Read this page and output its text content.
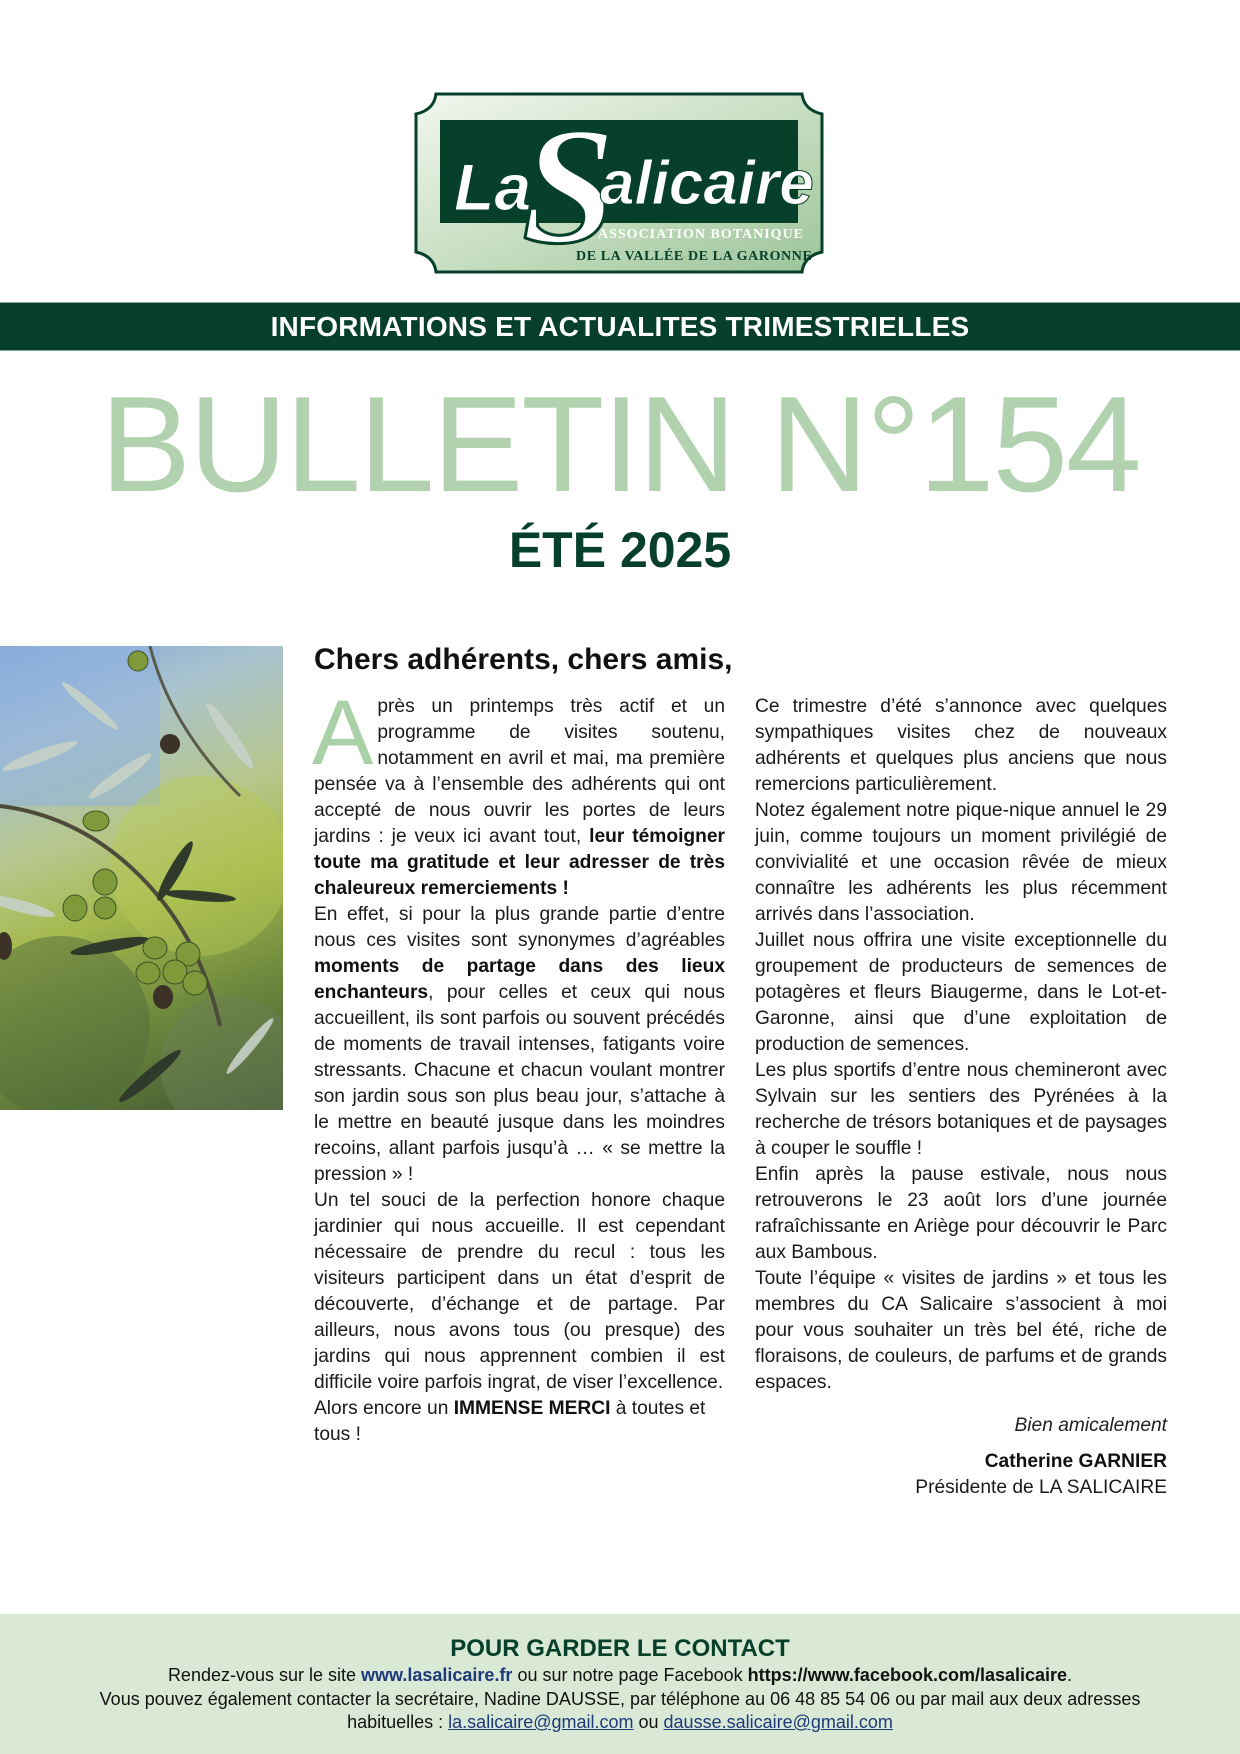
La
S
alicaire
ASSOCIATION BOTANIQUE
DE LA VALLÉE DE LA GARONNE
INFORMATIONS ET ACTUALITES TRIMESTRIELLES
BULLETIN N°154
ÉTÉ 2025
Chers adhérents, chers amis,

Après un printemps très actif et un programme de visites soutenu, notamment en avril et mai, ma première pensée va à l’ensemble des adhérents qui ont accepté de nous ouvrir les portes de leurs jardins : je veux ici avant tout, leur témoigner toute ma gratitude et leur adresser de très chaleureux remerciements !

En effet, si pour la plus grande partie d’entre nous ces visites sont synonymes d’agréables moments de partage dans des lieux enchanteurs, pour celles et ceux qui nous accueillent, ils sont parfois ou souvent précédés de moments de travail intenses, fatigants voire stressants. Chacune et chacun voulant montrer son jardin sous son plus beau jour, s’attache à le mettre en beauté jusque dans les moindres recoins, allant parfois jusqu’à … « se mettre la pression » !

Un tel souci de la perfection honore chaque jardinier qui nous accueille. Il est cependant nécessaire de prendre du recul : tous les visiteurs participent dans un état d’esprit de découverte, d’échange et de partage. Par ailleurs, nous avons tous (ou presque) des jardins qui nous apprennent combien il est difficile voire parfois ingrat, de viser l’excellence.

Alors encore un IMMENSE MERCI à toutes et tous !

Ce trimestre d’été s’annonce avec quelques sympathiques visites chez de nouveaux adhérents et quelques plus anciens que nous remercions particulièrement.

Notez également notre pique-nique annuel le 29 juin, comme toujours un moment privilégié de convivialité et une occasion rêvée de mieux connaître les adhérents les plus récemment arrivés dans l’association.

Juillet nous offrira une visite exceptionnelle du groupement de producteurs de semences de potagères et fleurs Biaugerme, dans le Lot-et-Garonne, ainsi que d’une exploitation de production de semences.

Les plus sportifs d’entre nous chemineront avec Sylvain sur les sentiers des Pyrénées à la recherche de trésors botaniques et de paysages à couper le souffle !

Enfin après la pause estivale, nous nous retrouverons le 23 août lors d’une journée rafraîchissante en Ariège pour découvrir le Parc aux Bambous.

Toute l’équipe « visites de jardins » et tous les membres du CA Salicaire s’associent à moi pour vous souhaiter un très bel été, riche de floraisons, de couleurs, de parfums et de grands espaces.

Bien amicalement
Catherine GARNIER
Présidente de LA SALICAIRE
POUR GARDER LE CONTACT
Rendez-vous sur le site www.lasalicaire.fr ou sur notre page Facebook https://www.facebook.com/lasalicaire.
Vous pouvez également contacter la secrétaire, Nadine DAUSSE, par téléphone au 06 48 85 54 06 ou par mail aux deux adresses
habituelles : la.salicaire@gmail.com ou dausse.salicaire@gmail.com
